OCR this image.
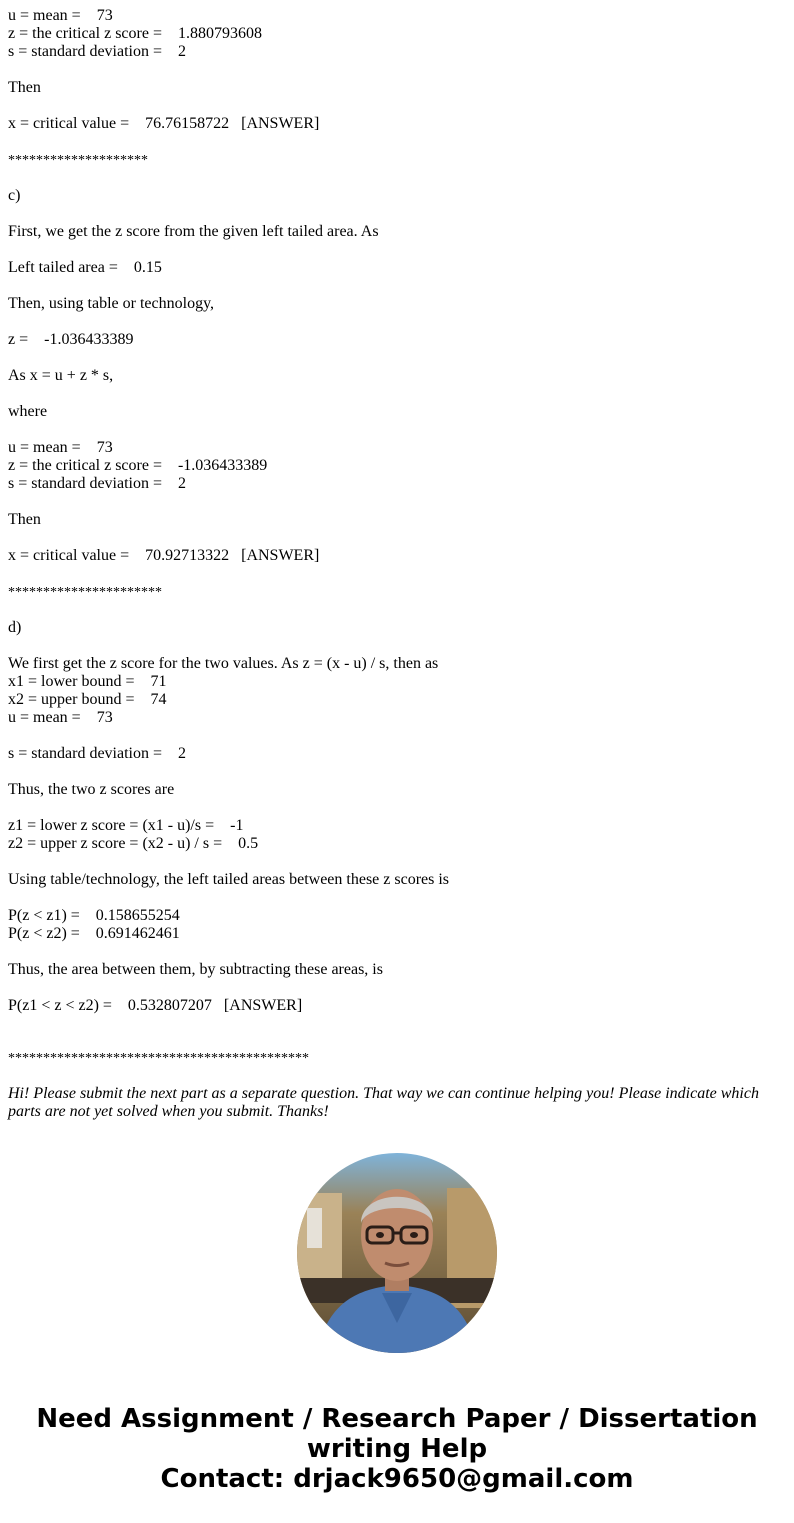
u = mean =    73
z = the critical z score =    1.880793608
s = standard deviation =    2
Then
x = critical value =    76.76158722   [ANSWER]
********************
c)
First, we get the z score from the given left tailed area. As
Left tailed area =    0.15
Then, using table or technology,
z =    -1.036433389
As x = u + z * s,
where
u = mean =    73
z = the critical z score =    -1.036433389
s = standard deviation =    2
Then
x = critical value =    70.92713322   [ANSWER]
**********************
d)
We first get the z score for the two values. As z = (x - u) / s, then as
x1 = lower bound =    71
x2 = upper bound =    74
u = mean =    73
s = standard deviation =    2
Thus, the two z scores are
z1 = lower z score = (x1 - u)/s =    -1
z2 = upper z score = (x2 - u) / s =    0.5
Using table/technology, the left tailed areas between these z scores is
P(z < z1) =    0.158655254
P(z < z2) =    0.691462461
Thus, the area between them, by subtracting these areas, is
P(z1 < z < z2) =    0.532807207   [ANSWER]
*******************************************
Hi! Please submit the next part as a separate question. That way we can continue helping you! Please indicate which parts are not yet solved when you submit. Thanks!
Need Assignment / Research Paper / Dissertation
writing Help
Contact: drjack9650@gmail.com
